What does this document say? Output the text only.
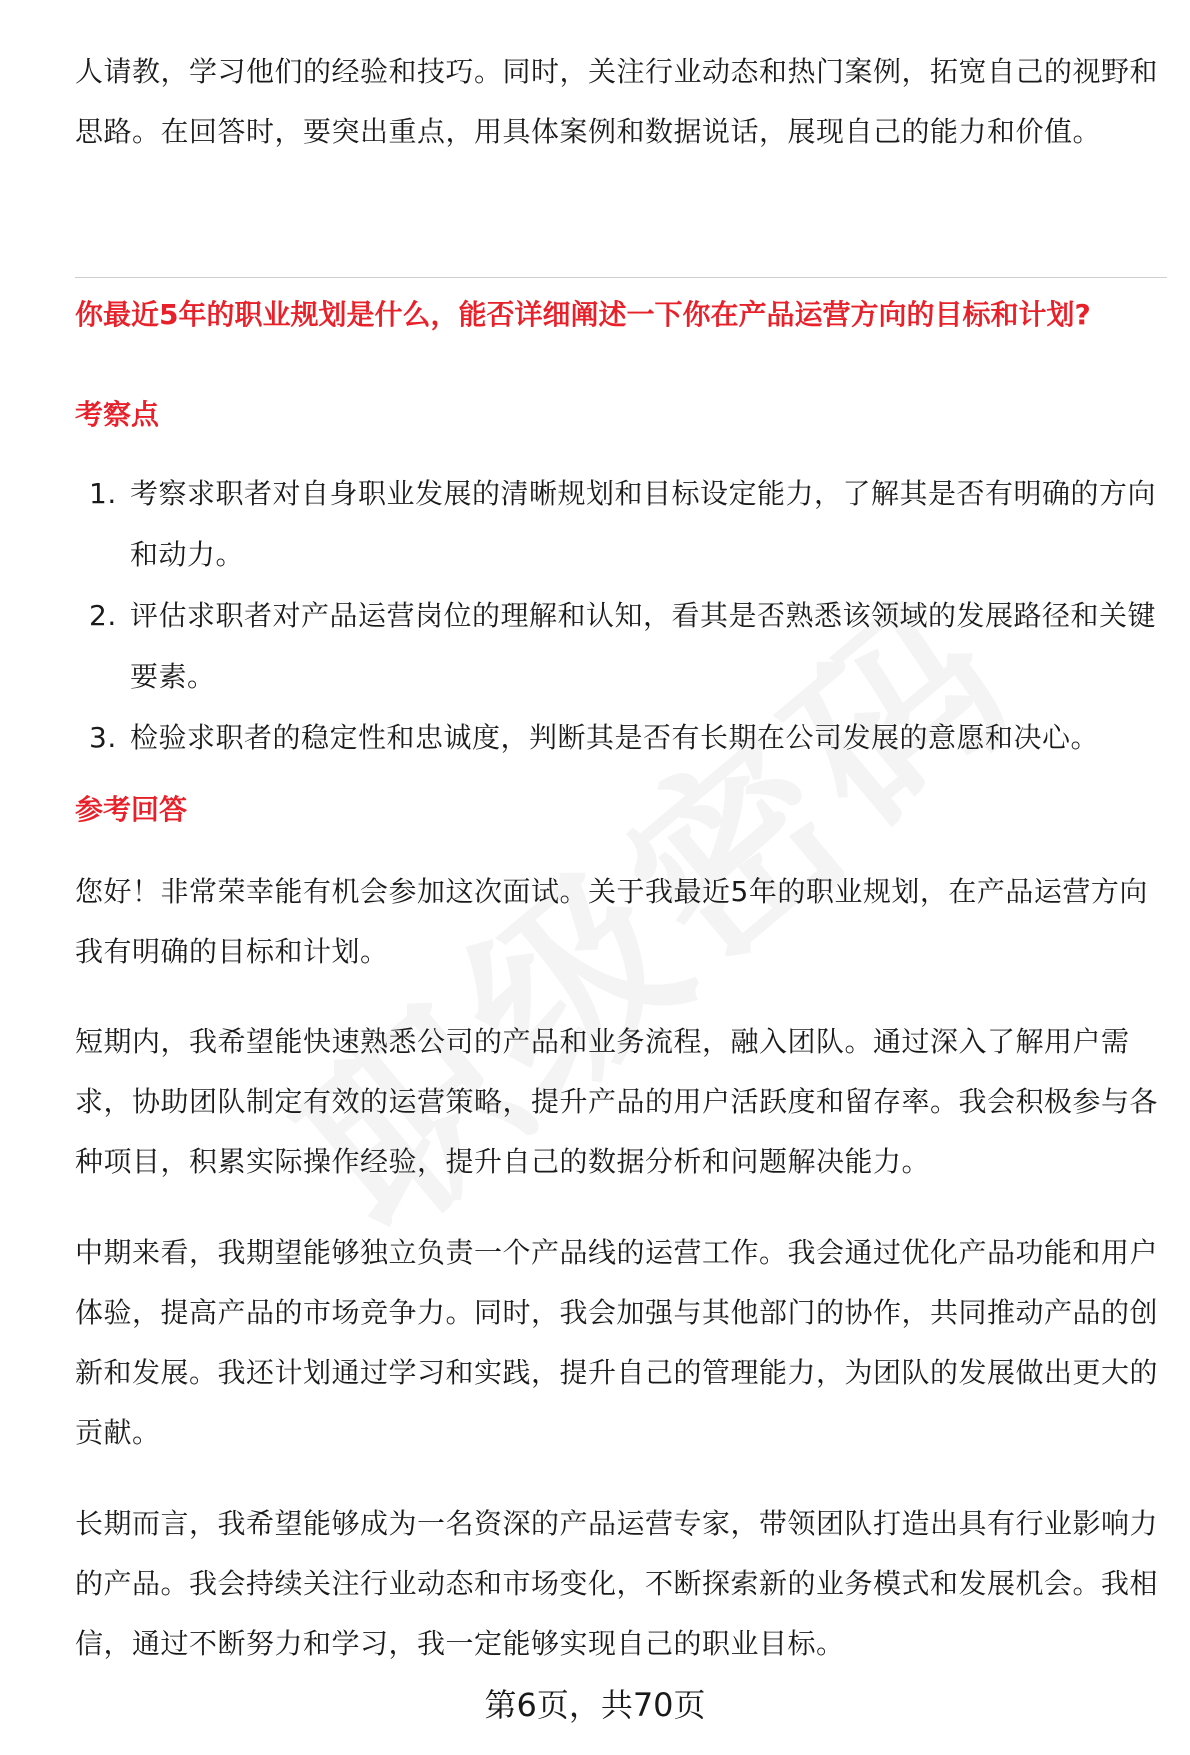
人请教，学习他们的经验和技巧。同时，关注行业动态和热门案例，拓宽自己的视野和思路。在回答时，要突出重点，用具体案例和数据说话，展现自己的能力和价值。

你最近5年的职业规划是什么，能否详细阐述一下你在产品运营方向的目标和计划?
考察点
1. 考察求职者对自身职业发展的清晰规划和目标设定能力，了解其是否有明确的方向和动力。
2. 评估求职者对产品运营岗位的理解和认知，看其是否熟悉该领域的发展路径和关键要素。
3. 检验求职者的稳定性和忠诚度，判断其是否有长期在公司发展的意愿和决心。
参考回答

您好！非常荣幸能有机会参加这次面试。关于我最近5年的职业规划，在产品运营方向我有明确的目标和计划。

短期内，我希望能快速熟悉公司的产品和业务流程，融入团队。通过深入了解用户需求，协助团队制定有效的运营策略，提升产品的用户活跃度和留存率。我会积极参与各种项目，积累实际操作经验，提升自己的数据分析和问题解决能力。

中期来看，我期望能够独立负责一个产品线的运营工作。我会通过优化产品功能和用户体验，提高产品的市场竞争力。同时，我会加强与其他部门的协作，共同推动产品的创新和发展。我还计划通过学习和实践，提升自己的管理能力，为团队的发展做出更大的贡献。

长期而言，我希望能够成为一名资深的产品运营专家，带领团队打造出具有行业影响力的产品。我会持续关注行业动态和市场变化，不断探索新的业务模式和发展机会。我相信，通过不断努力和学习，我一定能够实现自己的职业目标。

第6页，共70页
